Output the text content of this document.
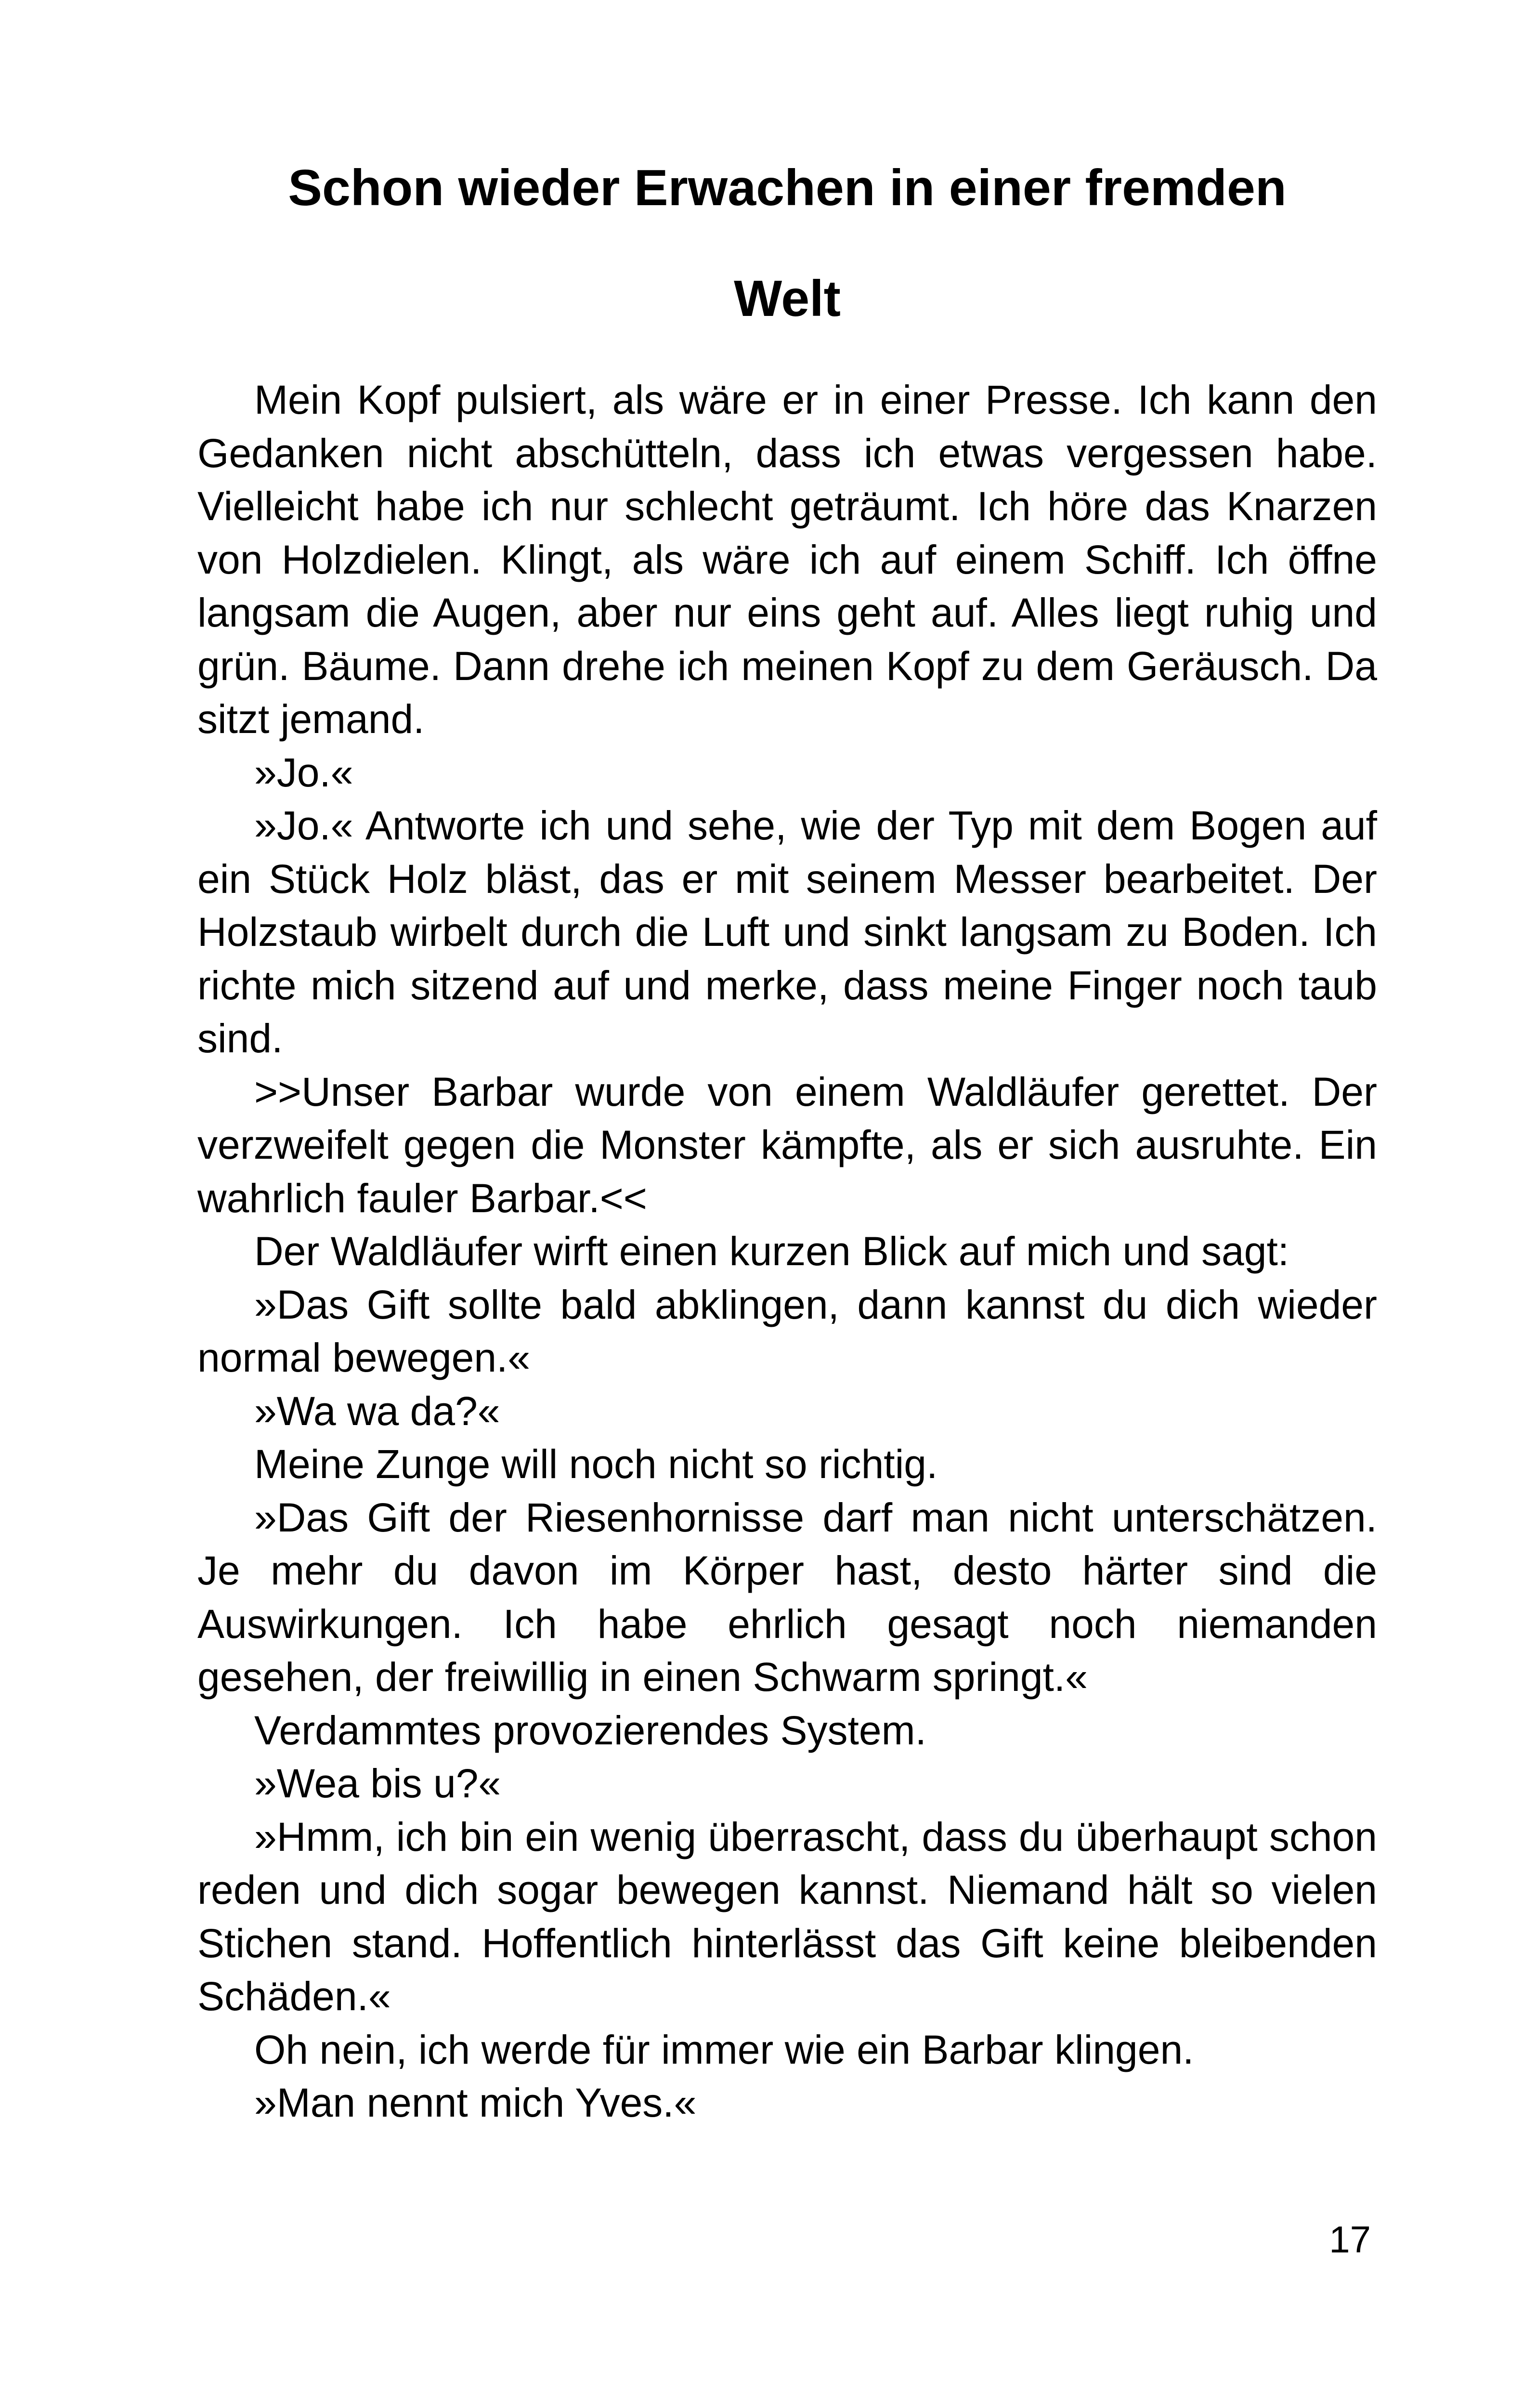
Schon wieder Erwachen in einer fremden
Welt

Mein Kopf pulsiert, als wäre er in einer Presse. Ich kann den Gedanken nicht abschütteln, dass ich etwas vergessen habe. Vielleicht habe ich nur schlecht geträumt. Ich höre das Knarzen von Holzdielen. Klingt, als wäre ich auf einem Schiff. Ich öffne langsam die Augen, aber nur eins geht auf. Alles liegt ruhig und grün. Bäume. Dann drehe ich meinen Kopf zu dem Geräusch. Da sitzt jemand.

»Jo.«

»Jo.« Antworte ich und sehe, wie der Typ mit dem Bogen auf ein Stück Holz bläst, das er mit seinem Messer bearbeitet. Der Holzstaub wirbelt durch die Luft und sinkt langsam zu Boden. Ich richte mich sitzend auf und merke, dass meine Finger noch taub sind.

>>Unser Barbar wurde von einem Waldläufer gerettet. Der verzweifelt gegen die Monster kämpfte, als er sich ausruhte. Ein wahrlich fauler Barbar.<<

Der Waldläufer wirft einen kurzen Blick auf mich und sagt:

»Das Gift sollte bald abklingen, dann kannst du dich wieder normal bewegen.«

»Wa wa da?«

Meine Zunge will noch nicht so richtig.

»Das Gift der Riesenhornisse darf man nicht unterschätzen. Je mehr du davon im Körper hast, desto härter sind die Auswirkungen. Ich habe ehrlich gesagt noch niemanden gesehen, der freiwillig in einen Schwarm springt.«

Verdammtes provozierendes System.

»Wea bis u?«

»Hmm, ich bin ein wenig überrascht, dass du überhaupt schon reden und dich sogar bewegen kannst. Niemand hält so vielen Stichen stand. Hoffentlich hinterlässt das Gift keine bleibenden Schäden.«

Oh nein, ich werde für immer wie ein Barbar klingen.

»Man nennt mich Yves.«

17
